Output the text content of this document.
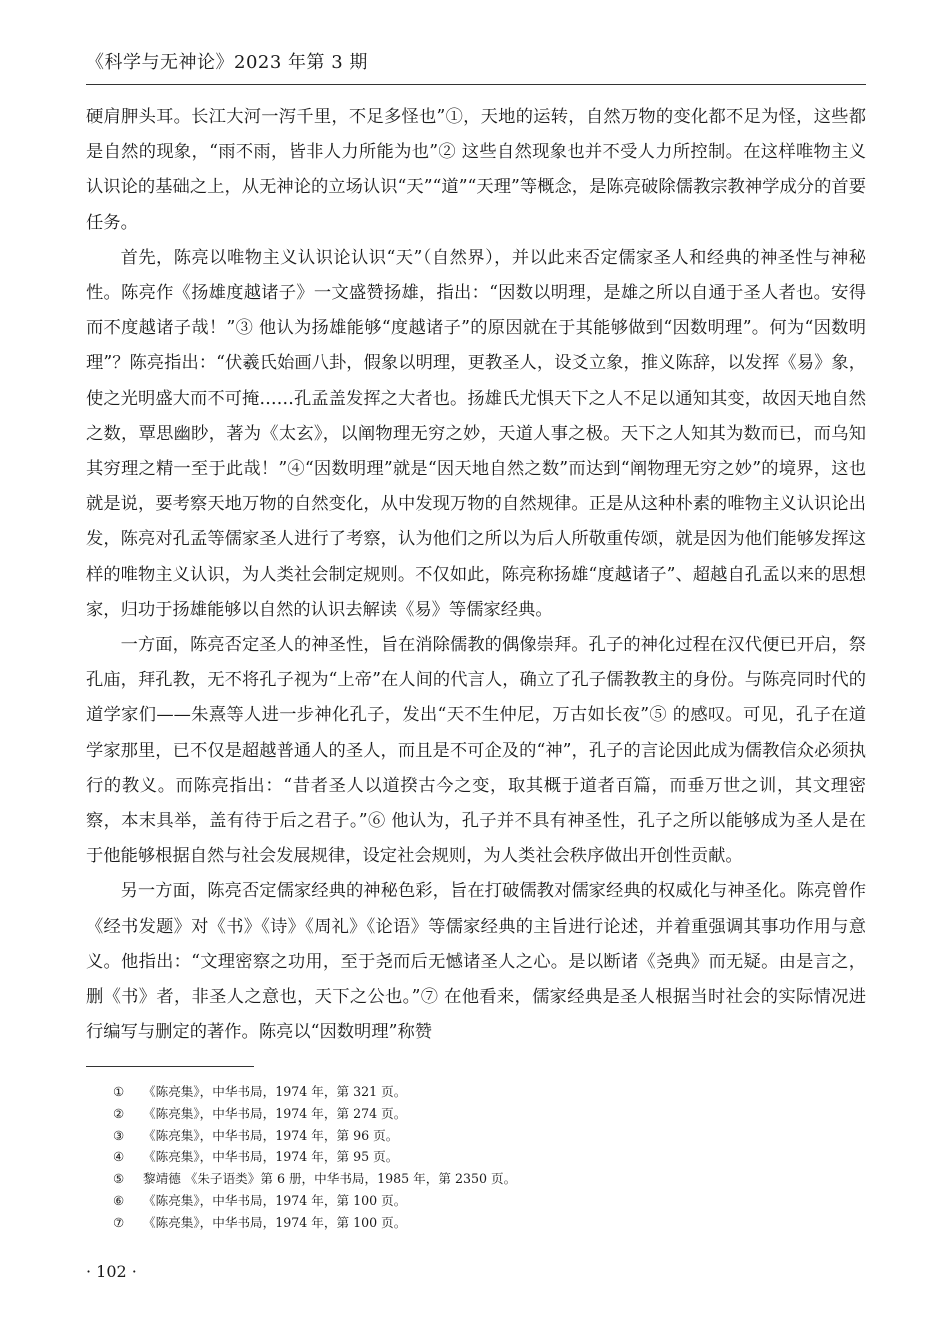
《科学与无神论》2023 年第 3 期

硬肩胛头耳。长江大河一泻千里，不足多怪也”①，天地的运转，自然万物的变化都不足为怪，这些都是自然的现象，“雨不雨，皆非人力所能为也”② 这些自然现象也并不受人力所控制。在这样唯物主义认识论的基础之上，从无神论的立场认识“天”“道”“天理”等概念，是陈亮破除儒教宗教神学成分的首要任务。

首先，陈亮以唯物主义认识论认识“天”（自然界），并以此来否定儒家圣人和经典的神圣性与神秘性。陈亮作《扬雄度越诸子》一文盛赞扬雄，指出：“因数以明理，是雄之所以自通于圣人者也。安得而不度越诸子哉！”③ 他认为扬雄能够“度越诸子”的原因就在于其能够做到“因数明理”。何为“因数明理”？陈亮指出：“伏羲氏始画八卦，假象以明理，更教圣人，设爻立象，推义陈辞，以发挥《易》象，使之光明盛大而不可掩……孔孟盖发挥之大者也。扬雄氏尤惧天下之人不足以通知其变，故因天地自然之数，覃思幽眇，著为《太玄》，以阐物理无穷之妙，天道人事之极。天下之人知其为数而已，而乌知其穷理之精一至于此哉！”④“因数明理”就是“因天地自然之数”而达到“阐物理无穷之妙”的境界，这也就是说，要考察天地万物的自然变化，从中发现万物的自然规律。正是从这种朴素的唯物主义认识论出发，陈亮对孔孟等儒家圣人进行了考察，认为他们之所以为后人所敬重传颂，就是因为他们能够发挥这样的唯物主义认识，为人类社会制定规则。不仅如此，陈亮称扬雄“度越诸子”、超越自孔孟以来的思想家，归功于扬雄能够以自然的认识去解读《易》等儒家经典。

一方面，陈亮否定圣人的神圣性，旨在消除儒教的偶像崇拜。孔子的神化过程在汉代便已开启，祭孔庙，拜孔教，无不将孔子视为“上帝”在人间的代言人，确立了孔子儒教教主的身份。与陈亮同时代的道学家们——朱熹等人进一步神化孔子，发出“天不生仲尼，万古如长夜”⑤ 的感叹。可见，孔子在道学家那里，已不仅是超越普通人的圣人，而且是不可企及的“神”，孔子的言论因此成为儒教信众必须执行的教义。而陈亮指出：“昔者圣人以道揆古今之变，取其概于道者百篇，而垂万世之训，其文理密察，本末具举，盖有待于后之君子。”⑥ 他认为，孔子并不具有神圣性，孔子之所以能够成为圣人是在于他能够根据自然与社会发展规律，设定社会规则，为人类社会秩序做出开创性贡献。

另一方面，陈亮否定儒家经典的神秘色彩，旨在打破儒教对儒家经典的权威化与神圣化。陈亮曾作《经书发题》对《书》《诗》《周礼》《论语》等儒家经典的主旨进行论述，并着重强调其事功作用与意义。他指出：“文理密察之功用，至于尧而后无憾诸圣人之心。是以断诸《尧典》而无疑。由是言之，删《书》者，非圣人之意也，天下之公也。”⑦ 在他看来，儒家经典是圣人根据当时社会的实际情况进行编写与删定的著作。陈亮以“因数明理”称赞

①	《陈亮集》，中华书局，1974 年，第 321 页。
②	《陈亮集》，中华书局，1974 年，第 274 页。
③	《陈亮集》，中华书局，1974 年，第 96 页。
④	《陈亮集》，中华书局，1974 年，第 95 页。
⑤	黎靖德 《朱子语类》第 6 册，中华书局，1985 年，第 2350 页。
⑥	《陈亮集》，中华书局，1974 年，第 100 页。
⑦	《陈亮集》，中华书局，1974 年，第 100 页。
· 102 ·
